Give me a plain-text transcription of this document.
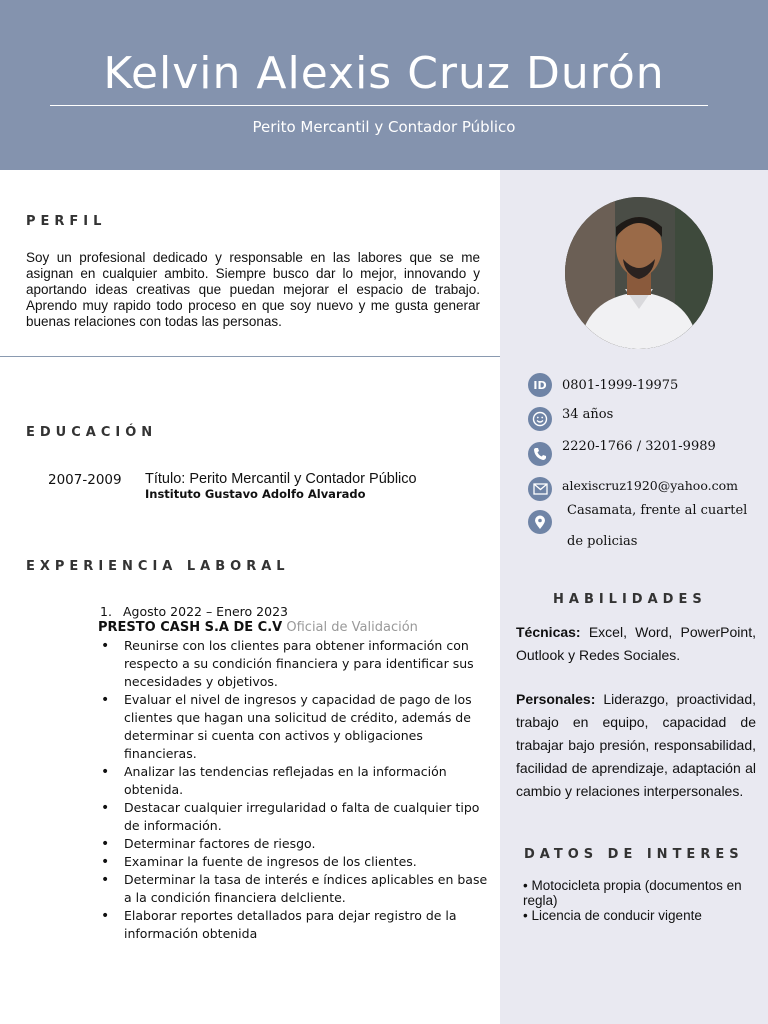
Kelvin Alexis Cruz Durón
Perito Mercantil y Contador Público
PERFIL
Soy un profesional dedicado y responsable en las labores que se me asignan en cualquier ambito. Siempre busco dar lo mejor, innovando y aportando ideas creativas que puedan mejorar el espacio de trabajo. Aprendo muy rapido todo proceso en que soy nuevo y me gusta generar buenas relaciones con todas las personas.
EDUCACIÓN
2007-2009 Título: Perito Mercantil y Contador Público
Instituto Gustavo Adolfo Alvarado
EXPERIENCIA LABORAL
1. Agosto 2022 – Enero 2023
PRESTO CASH S.A DE C.V Oficial de Validación
• Reunirse con los clientes para obtener información con respecto a su condición financiera y para identificar sus necesidades y objetivos.
• Evaluar el nivel de ingresos y capacidad de pago de los clientes que hagan una solicitud de crédito, además de determinar si cuenta con activos y obligaciones financieras.
• Analizar las tendencias reflejadas en la información obtenida.
• Destacar cualquier irregularidad o falta de cualquier tipo de información.
• Determinar factores de riesgo.
• Examinar la fuente de ingresos de los clientes.
• Determinar la tasa de interés e índices aplicables en base a la condición financiera delcliente.
• Elaborar reportes detallados para dejar registro de la información obtenida
ID	0801-1999-19975
34 años
2220-1766 / 3201-9989
alexiscruz1920@yahoo.com
Casamata, frente al cuartel
de policias
HABILIDADES
Técnicas: Excel, Word, PowerPoint, Outlook y Redes Sociales.
Personales: Liderazgo, proactividad, trabajo en equipo, capacidad de trabajar bajo presión, responsabilidad, facilidad de aprendizaje, adaptación al cambio y relaciones interpersonales.
DATOS DE INTERES
• Motocicleta propia (documentos en regla)
• Licencia de conducir vigente
